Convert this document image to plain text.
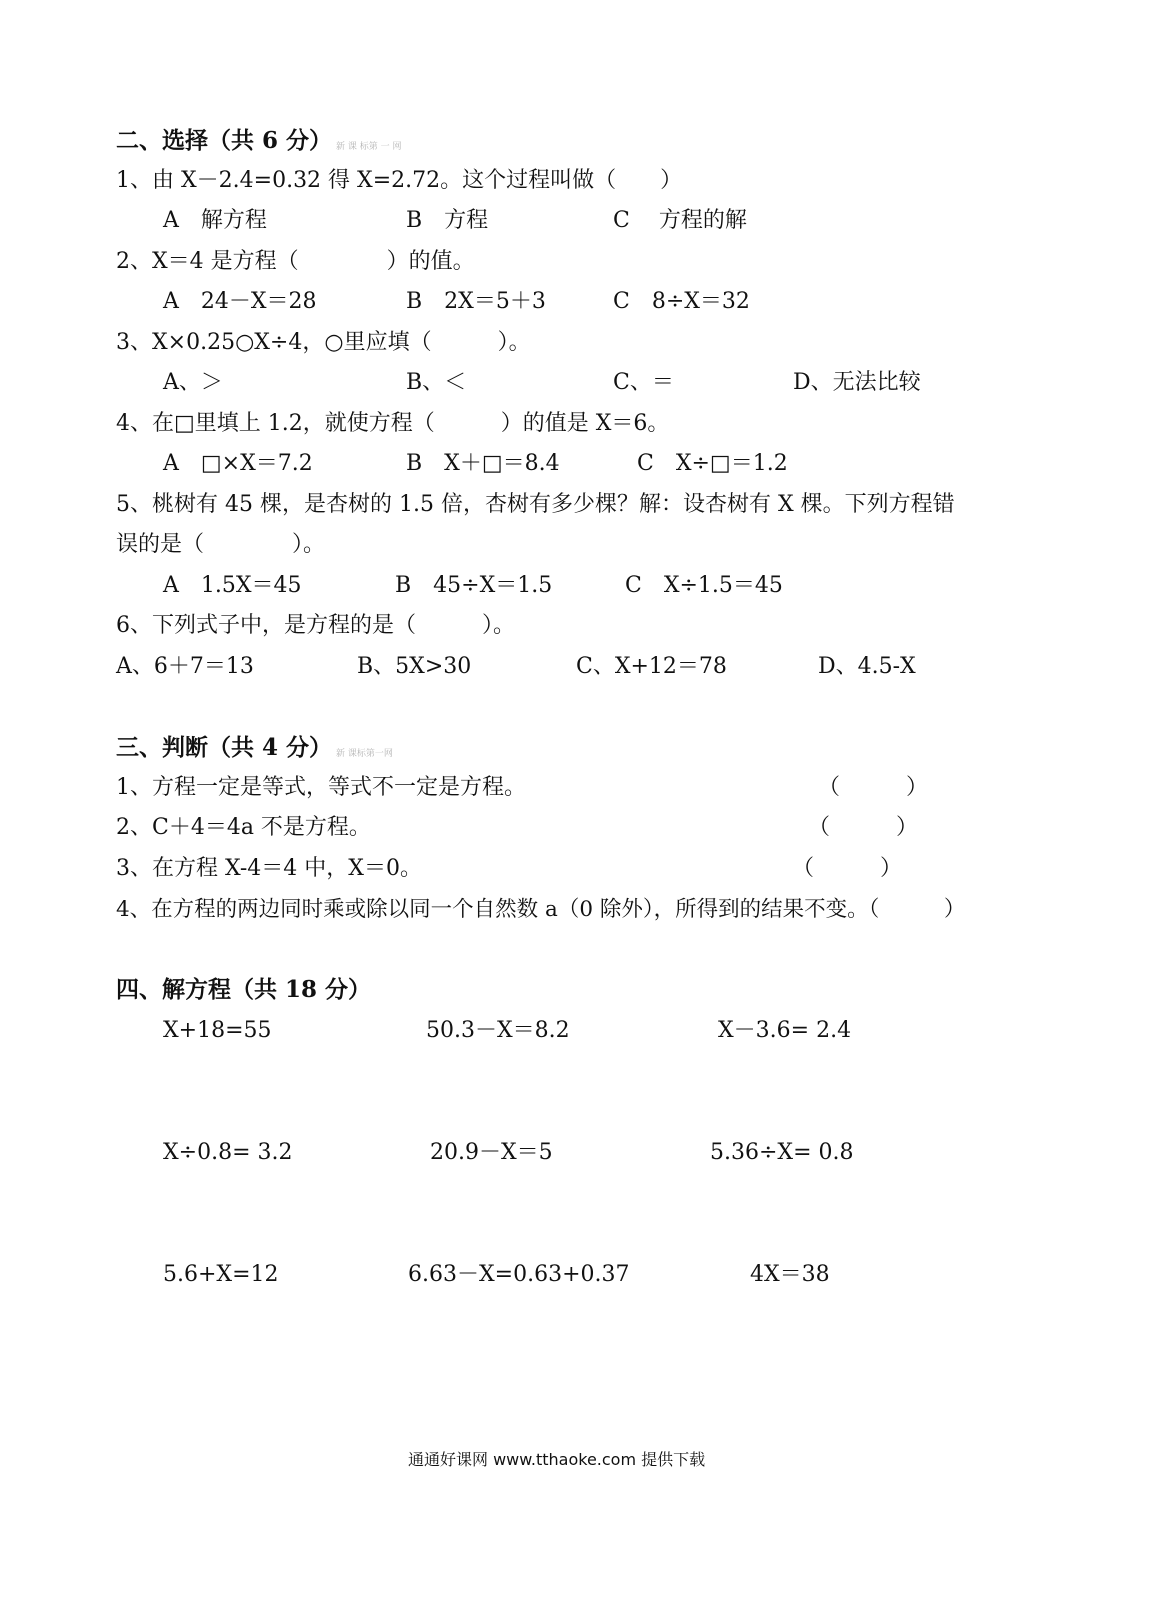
二、选择（共 6 分） 新 课 标第 一 网
1、由 X－2.4=0.32 得 X=2.72。这个过程叫做（　　）
A　解方程	B　方程	C　 方程的解
2、X＝4 是方程（　　　　）的值。
A　24－X＝28	B　2X＝5＋3	C　8÷X＝32
3、X×0.25○X÷4，○里应填（　　　）。
A、＞	B、＜	C、＝	D、无法比较
4、在□里填上 1.2，就使方程（　　　）的值是 X＝6。
A　□×X＝7.2	B　X＋□＝8.4	C　X÷□＝1.2
5、桃树有 45 棵，是杏树的 1.5 倍，杏树有多少棵？解：设杏树有 X 棵。下列方程错
误的是（　　　　）。
A　1.5X＝45	B　45÷X＝1.5	C　X÷1.5＝45
6、下列式子中，是方程的是（　　　）。
A、6＋7＝13	B、5X>30	C、X+12＝78	D、4.5-X
三、判断（共 4 分） 新 课标第一网
1、方程一定是等式，等式不一定是方程。	（　　　）
2、C＋4＝4a 不是方程。	（　　　）
3、在方程 X-4＝4 中，X＝0。	（　　　）
4、在方程的两边同时乘或除以同一个自然数 a（0 除外），所得到的结果不变。（　　　）
四、解方程（共 18 分）
X+18=55	50.3－X＝8.2	X－3.6= 2.4
X÷0.8= 3.2	20.9－X＝5	5.36÷X= 0.8
5.6+X=12	6.63－X=0.63+0.37	4X＝38
通通好课网 www.tthaoke.com 提供下载
